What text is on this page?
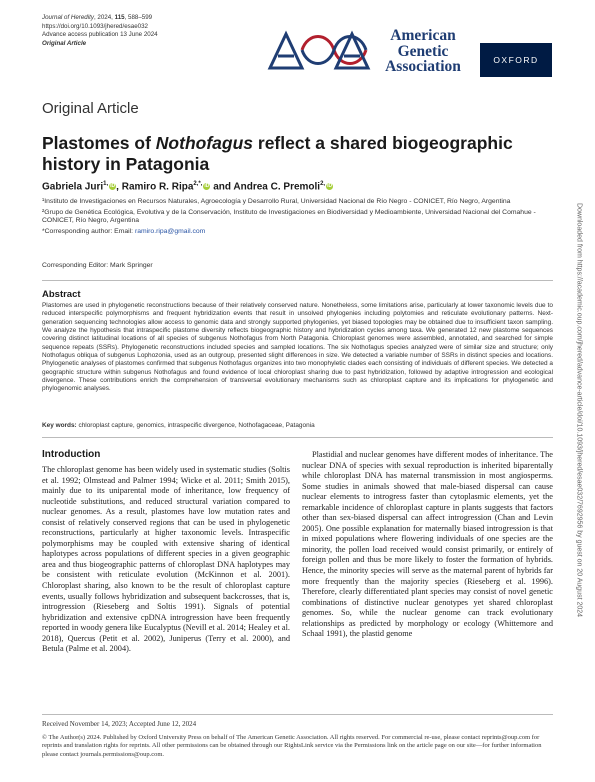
Journal of Heredity, 2024, 115, 588–599
https://doi.org/10.1093/jhered/esae032
Advance access publication 13 June 2024
Original Article	American
Genetic
Association	OXFORD
Downloaded from https://academic.oup.com/jhered/advance-article/doi/10.1093/jhered/esae032/7692956 by guest on 20 August 2024
Original Article
Plastomes of Nothofagus reflect a shared biogeographic history in Patagonia
Gabriela Juri$^{1,}$ iD, Ramiro R. Ripa$^{2,*,}$ iD and Andrea C. Premoli$^{2,}$ iD

¹Instituto de Investigaciones en Recursos Naturales, Agroecología y Desarrollo Rural, Universidad Nacional de Río Negro - CONICET, Río Negro, Argentina

²Grupo de Genética Ecológica, Evolutiva y de la Conservación, Instituto de Investigaciones en Biodiversidad y Medioambiente, Universidad Nacional del Comahue - CONICET, Río Negro, Argentina

*Corresponding author: Email: ramiro.ripa@gmail.com

Corresponding Editor: Mark Springer
Abstract
Plastomes are used in phylogenetic reconstructions because of their relatively conserved nature. Nonetheless, some limitations arise, particularly at lower taxonomic levels due to reduced interspecific polymorphisms and frequent hybridization events that result in unsolved phylogenies including polytomies and reticulate evolutionary patterns. Next-generation sequencing technologies allow access to genomic data and strongly supported phylogenies, yet biased topologies may be obtained due to insufficient taxon sampling. We analyze the hypothesis that intraspecific plastome diversity reflects biogeographic history and hybridization cycles among taxa. We generated 12 new plastome sequences covering distinct latitudinal locations of all species of subgenus Nothofagus from North Patagonia. Chloroplast genomes were assembled, annotated, and searched for simple sequence repeats (SSRs). Phylogenetic reconstructions included species and sampled locations. The six Nothofagus species analyzed were of similar size and structure; only Nothofagus obliqua of subgenus Lophozonia, used as an outgroup, presented slight differences in size. We detected a variable number of SSRs in distinct species and locations. Phylogenetic analyses of plastomes confirmed that subgenus Nothofagus organizes into two monophyletic clades each consisting of individuals of different species. We detected a geographic structure within subgenus Nothofagus and found evidence of local chloroplast sharing due to past hybridization, followed by adaptive introgression and ecological divergence. These contributions enrich the comprehension of transversal evolutionary mechanisms such as chloroplast capture and its implications for phylogenetic and phylogenomic analyses.
Key words: chloroplast capture, genomics, intraspecific divergence, Nothofagaceae, Patagonia
Introduction

The chloroplast genome has been widely used in systematic studies (Soltis et al. 1992; Olmstead and Palmer 1994; Wicke et al. 2011; Smith 2015), mainly due to its uniparental mode of inheritance, low frequency of nucleotide substitutions, and reduced structural variation compared to nuclear genomes. As a result, plastomes have low mutation rates and consist of relatively conserved regions that can be used in phylogenetic reconstructions, particularly at higher taxonomic levels. Intraspecific polymorphisms may be coupled with extensive sharing of identical haplotypes across populations of different species in a given geographic area and thus biogeographic patterns of chloroplast DNA haplotypes may be consistent with reticulate evolution (McKinnon et al. 2001). Chloroplast sharing, also known to be the result of chloroplast capture events, usually follows hybridization and subsequent backcrosses, that is, introgression (Rieseberg and Soltis 1991). Signals of potential hybridization and extensive cpDNA introgression have been frequently reported in woody genera like Eucalyptus (Nevill et al. 2014; Healey et al. 2018), Quercus (Petit et al. 2002), Juniperus (Terry et al. 2000), and Betula (Palme et al. 2004).

Plastidial and nuclear genomes have different modes of inheritance. The nuclear DNA of species with sexual reproduction is inherited biparentally while chloroplast DNA has maternal transmission in most angiosperms. Some studies in animals showed that male-biased dispersal can cause nuclear elements to introgress faster than cytoplasmic elements, yet the remarkable incidence of chloroplast capture in plants suggests that factors other than sex-biased dispersal can affect introgression (Chan and Levin 2005). One possible explanation for maternally biased introgression is that in mixed populations where flowering individuals of one species are the minority, the pollen load received would consist primarily, or entirely of foreign pollen and thus be more likely to foster the formation of hybrids. Hence, the minority species will serve as the maternal parent of hybrids far more frequently than the majority species (Rieseberg et al. 1996). Therefore, clearly differentiated plant species may consist of novel genetic combinations of distinctive nuclear genotypes yet shared chloroplast genomes. So, while the nuclear genome can track evolutionary relationships as predicted by morphology or ecology (Whittemore and Schaal 1991), the plastid genome

Received November 14, 2023; Accepted June 12, 2024
© The Author(s) 2024. Published by Oxford University Press on behalf of The American Genetic Association. All rights reserved. For commercial re-use, please contact reprints@oup.com for reprints and translation rights for reprints. All other permissions can be obtained through our RightsLink service via the Permissions link on the article page on our site—for further information please contact journals.permissions@oup.com.
